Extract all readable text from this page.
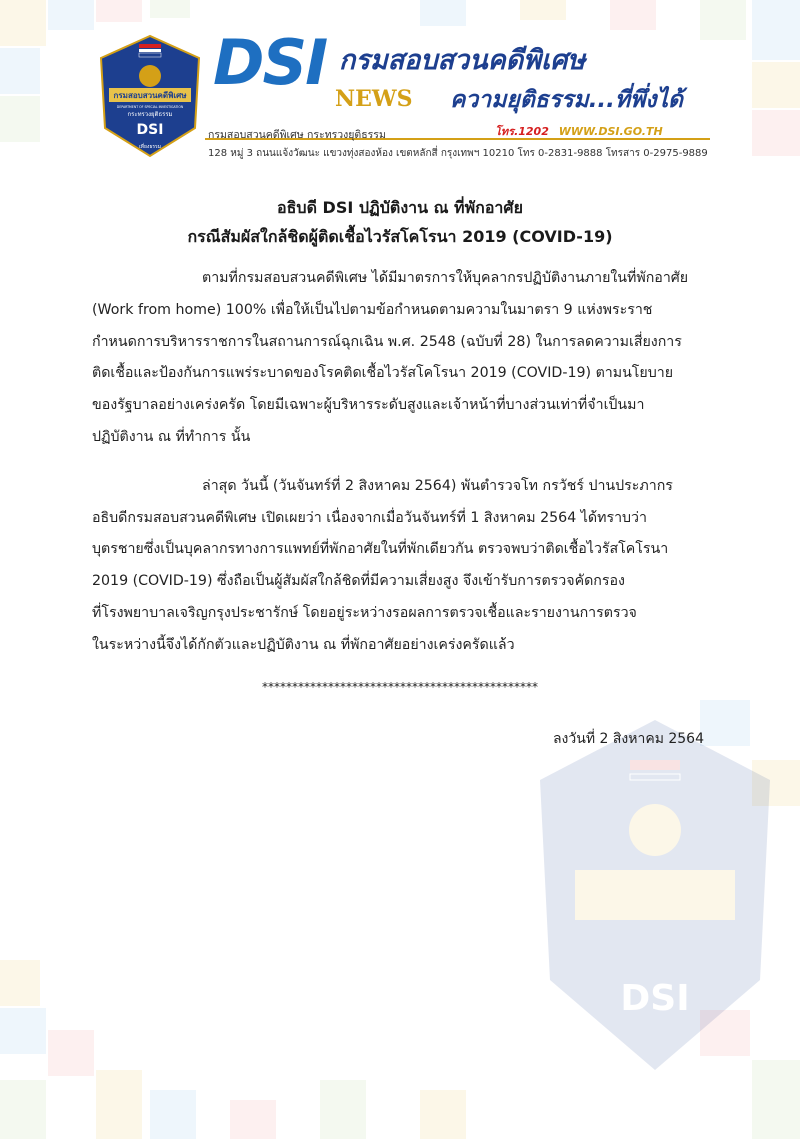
DSI
กรมสอบสวนคดีพิเศษ
DEPARTMENT OF SPECIAL INVESTIGATION
กระทรวงยุติธรรม
DSI
เที่ยงธรรม
DSI กรมสอบสวนคดีพิเศษ
NEWS ความยุติธรรม...ที่พึ่งได้
โทร.1202 WWW.DSI.GO.TH
กรมสอบสวนคดีพิเศษ กระทรวงยุติธรรม
128 หมู่ 3 ถนนแจ้งวัฒนะ แขวงทุ่งสองห้อง เขตหลักสี่ กรุงเทพฯ 10210 โทร 0-2831-9888 โทรสาร 0-2975-9889
อธิบดี DSI ปฏิบัติงาน ณ ที่พักอาศัย
กรณีสัมผัสใกล้ชิดผู้ติดเชื้อไวรัสโคโรนา 2019 (COVID-19)
ตามที่กรมสอบสวนคดีพิเศษ ได้มีมาตรการให้บุคลากรปฏิบัติงานภายในที่พักอาศัย
(Work from home) 100% เพื่อให้เป็นไปตามข้อกำหนดตามความในมาตรา 9 แห่งพระราช
กำหนดการบริหารราชการในสถานการณ์ฉุกเฉิน พ.ศ. 2548 (ฉบับที่ 28) ในการลดความเสี่ยงการ
ติดเชื้อและป้องกันการแพร่ระบาดของโรคติดเชื้อไวรัสโคโรนา 2019 (COVID-19) ตามนโยบาย
ของรัฐบาลอย่างเคร่งครัด โดยมีเฉพาะผู้บริหารระดับสูงและเจ้าหน้าที่บางส่วนเท่าที่จำเป็นมา
ปฏิบัติงาน ณ ที่ทำการ นั้น
ล่าสุด วันนี้ (วันจันทร์ที่ 2 สิงหาคม 2564) พันตำรวจโท กรวัชร์ ปานประภากร
อธิบดีกรมสอบสวนคดีพิเศษ เปิดเผยว่า เนื่องจากเมื่อวันจันทร์ที่ 1 สิงหาคม 2564 ได้ทราบว่า
บุตรชายซึ่งเป็นบุคลากรทางการแพทย์ที่พักอาศัยในที่พักเดียวกัน ตรวจพบว่าติดเชื้อไวรัสโคโรนา
2019 (COVID-19) ซึ่งถือเป็นผู้สัมผัสใกล้ชิดที่มีความเสี่ยงสูง จึงเข้ารับการตรวจคัดกรอง
ที่โรงพยาบาลเจริญกรุงประชารักษ์ โดยอยู่ระหว่างรอผลการตรวจเชื้อและรายงานการตรวจ
ในระหว่างนี้จึงได้กักตัวและปฏิบัติงาน ณ ที่พักอาศัยอย่างเคร่งครัดแล้ว
**********************************************
ลงวันที่ 2 สิงหาคม 2564
